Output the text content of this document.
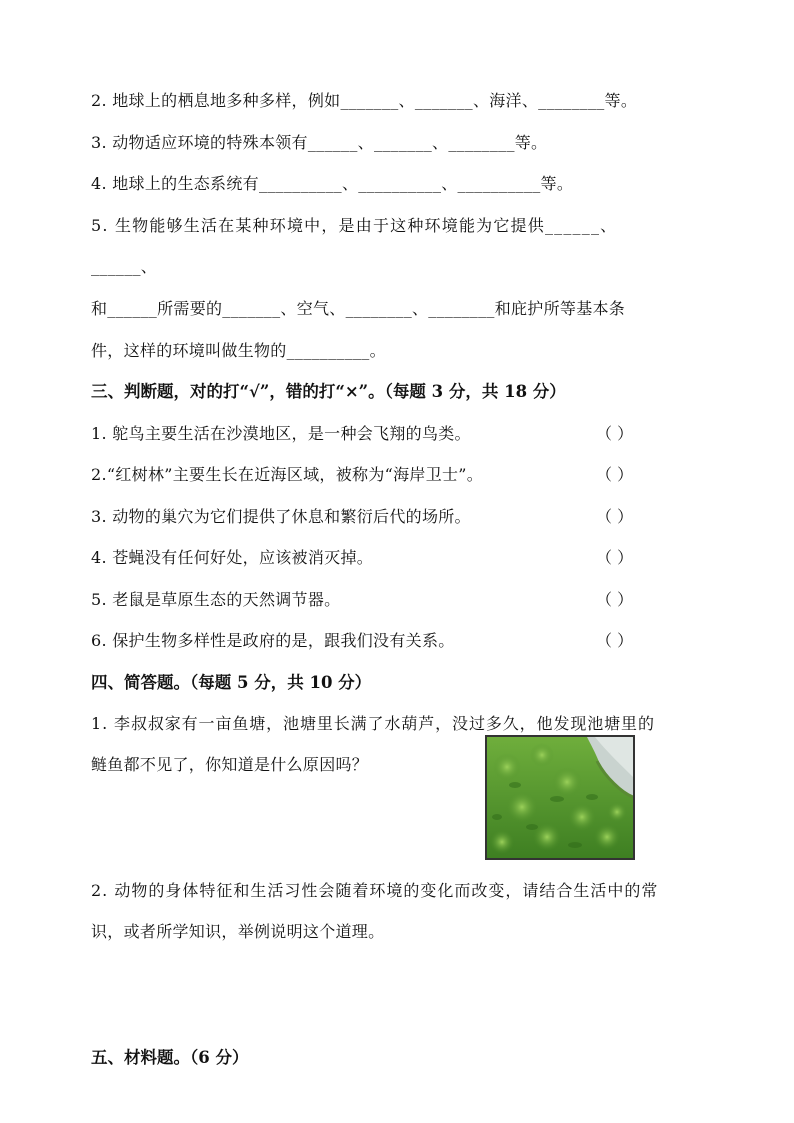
2. 地球上的栖息地多种多样，例如_______、_______、海洋、________等。
3. 动物适应环境的特殊本领有______、_______、________等。
4. 地球上的生态系统有__________、__________、__________等。
5. 生物能够生活在某种环境中，是由于这种环境能为它提供______、
______、
和______所需要的_______、空气、________、________和庇护所等基本条
件，这样的环境叫做生物的__________。
三、判断题，对的打“√”，错的打“×”。（每题 3 分，共 18 分）
1. 鸵鸟主要生活在沙漠地区，是一种会飞翔的鸟类。	（ ）
2.“红树林”主要生长在近海区域，被称为“海岸卫士”。	（ ）
3. 动物的巢穴为它们提供了休息和繁衍后代的场所。	（ ）
4. 苍蝇没有任何好处，应该被消灭掉。	（ ）
5. 老鼠是草原生态的天然调节器。	（ ）
6. 保护生物多样性是政府的是，跟我们没有关系。	（ ）
四、简答题。（每题 5 分，共 10 分）
1. 李叔叔家有一亩鱼塘，池塘里长满了水葫芦，没过多久，他发现池塘里的
鲢鱼都不见了，你知道是什么原因吗？
2. 动物的身体特征和生活习性会随着环境的变化而改变，请结合生活中的常
识，或者所学知识，举例说明这个道理。
五、材料题。（6 分）
